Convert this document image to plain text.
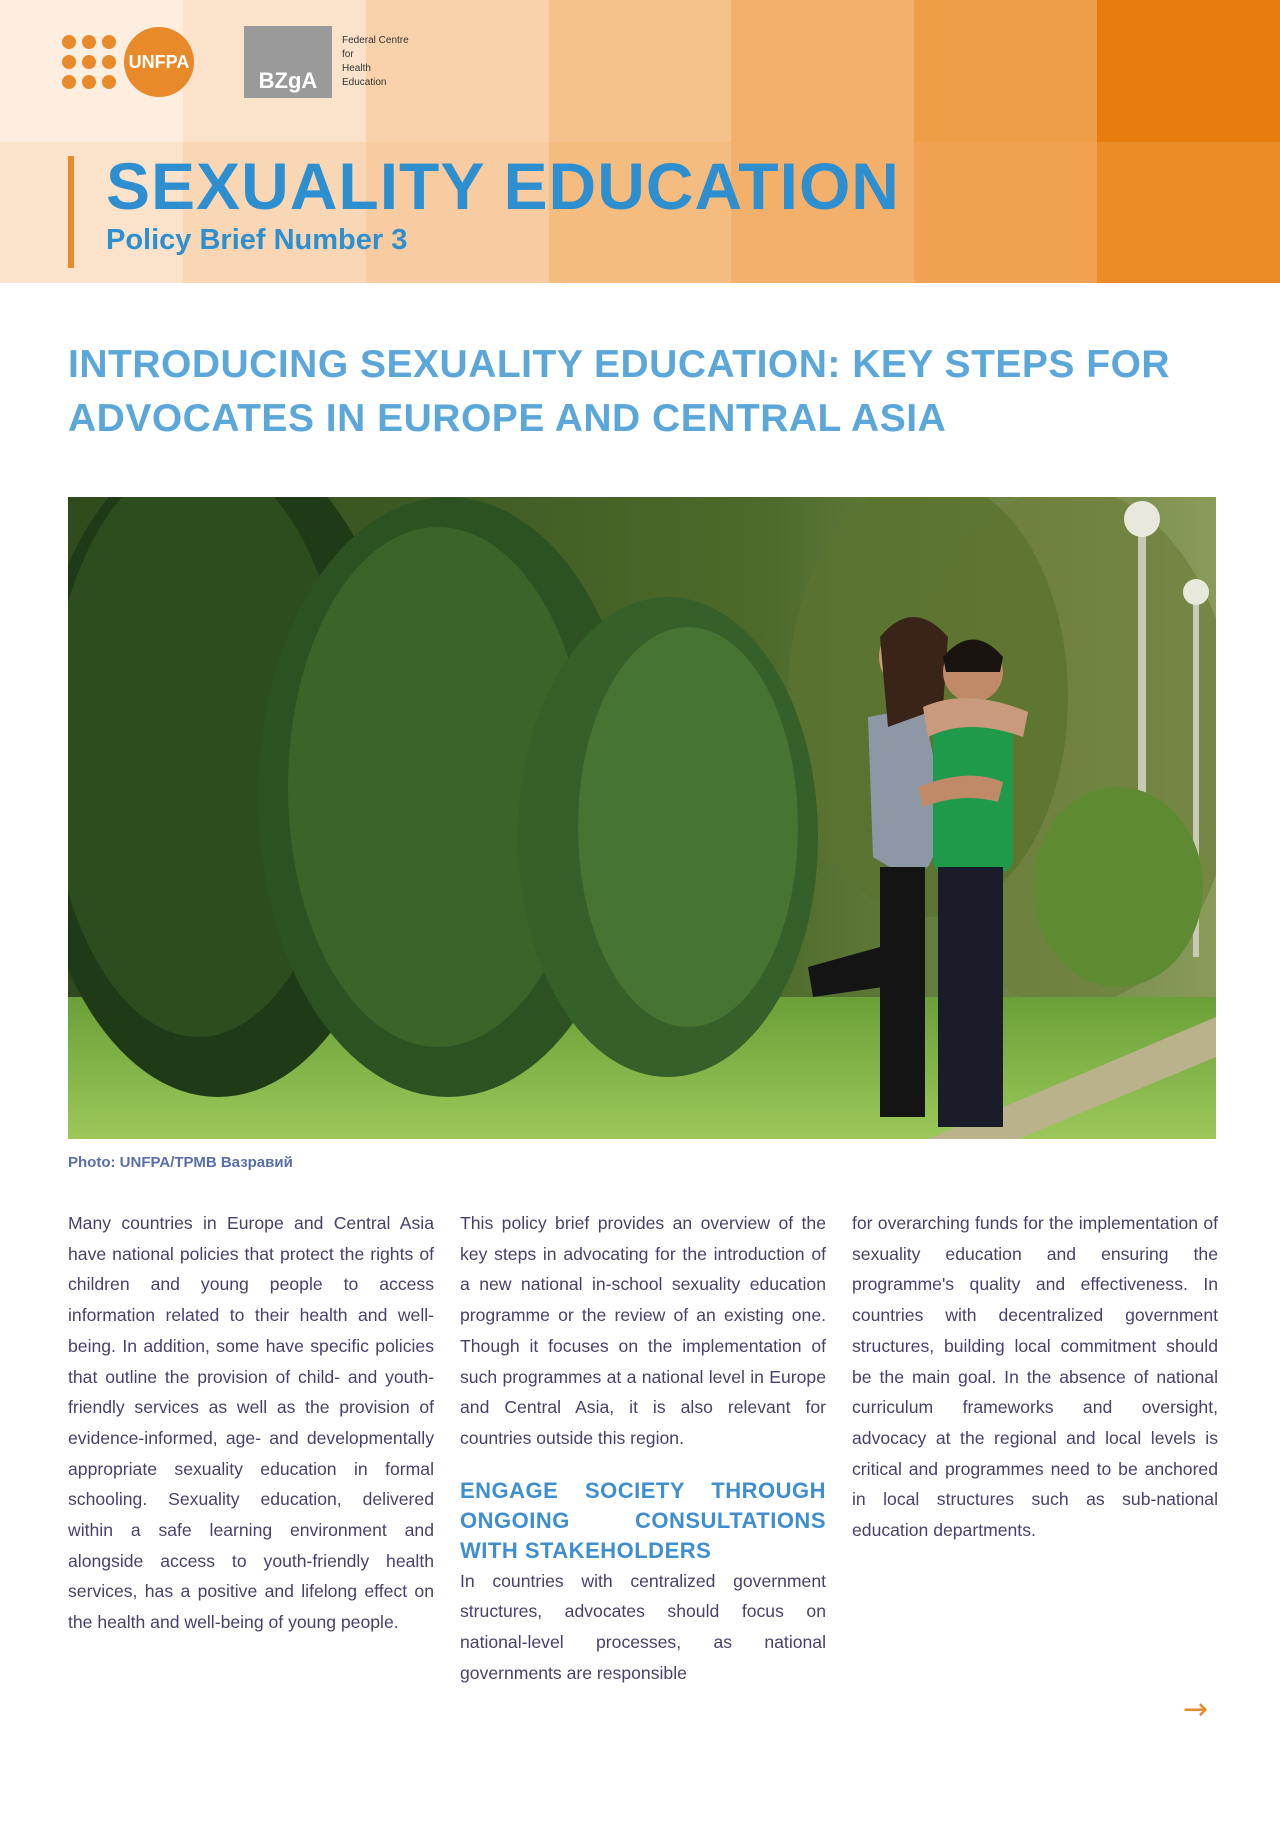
UNFPA
BZgA
Federal Centre
for
Health
Education
SEXUALITY EDUCATION
Policy Brief Number 3
INTRODUCING SEXUALITY EDUCATION: KEY STEPS FOR ADVOCATES IN EUROPE AND CENTRAL ASIA
Photo: UNFPA/ТРМВ Вазравий

Many countries in Europe and Central Asia have national policies that protect the rights of children and young people to access information related to their health and well-being. In addition, some have specific policies that outline the provision of child- and youth-friendly services as well as the provision of evidence-informed, age- and developmentally appropriate sexuality education in formal schooling. Sexuality education, delivered within a safe learning environment and alongside access to youth-friendly health services, has a positive and lifelong effect on the health and well-being of young people.

This policy brief provides an overview of the key steps in advocating for the introduction of a new national in-school sexuality education programme or the review of an existing one. Though it focuses on the implementation of such programmes at a national level in Europe and Central Asia, it is also relevant for countries outside this region.

ENGAGE SOCIETY THROUGH ONGOING CONSULTATIONS WITH STAKEHOLDERS

In countries with centralized government structures, advocates should focus on national-level processes, as national governments are responsible

for overarching funds for the implementation of sexuality education and ensuring the programme's quality and effectiveness. In countries with decentralized government structures, building local commitment should be the main goal. In the absence of national curriculum frameworks and oversight, advocacy at the regional and local levels is critical and programmes need to be anchored in local structures such as sub-national education departments.

→
